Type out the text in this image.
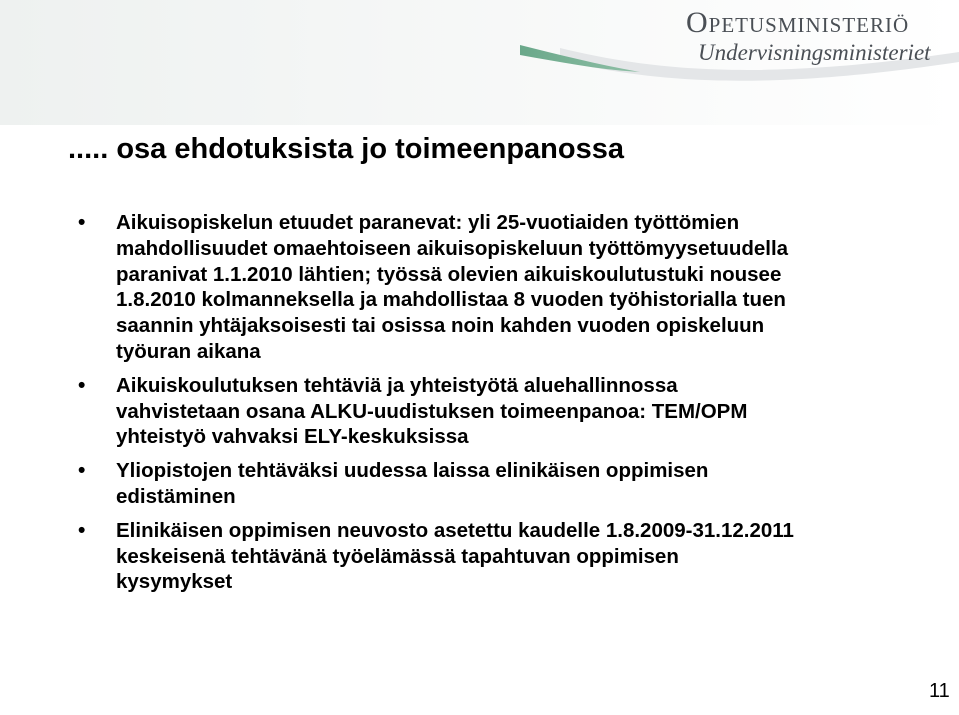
Opetusministeriö
Undervisningsministeriet
..... osa ehdotuksista jo toimeenpanossa
• Aikuisopiskelun etuudet paranevat: yli 25-vuotiaiden työttömien
mahdollisuudet omaehtoiseen aikuisopiskeluun työttömyysetuudella
paranivat 1.1.2010 lähtien; työssä olevien aikuiskoulutustuki nousee
1.8.2010 kolmanneksella ja mahdollistaa 8 vuoden työhistorialla tuen
saannin yhtäjaksoisesti tai osissa noin kahden vuoden opiskeluun
työuran aikana
• Aikuiskoulutuksen tehtäviä ja yhteistyötä aluehallinnossa
vahvistetaan osana ALKU-uudistuksen toimeenpanoa: TEM/OPM
yhteistyö vahvaksi ELY-keskuksissa
• Yliopistojen tehtäväksi uudessa laissa elinikäisen oppimisen
edistäminen
• Elinikäisen oppimisen neuvosto asetettu kaudelle 1.8.2009-31.12.2011
keskeisenä tehtävänä työelämässä tapahtuvan oppimisen
kysymykset
11
